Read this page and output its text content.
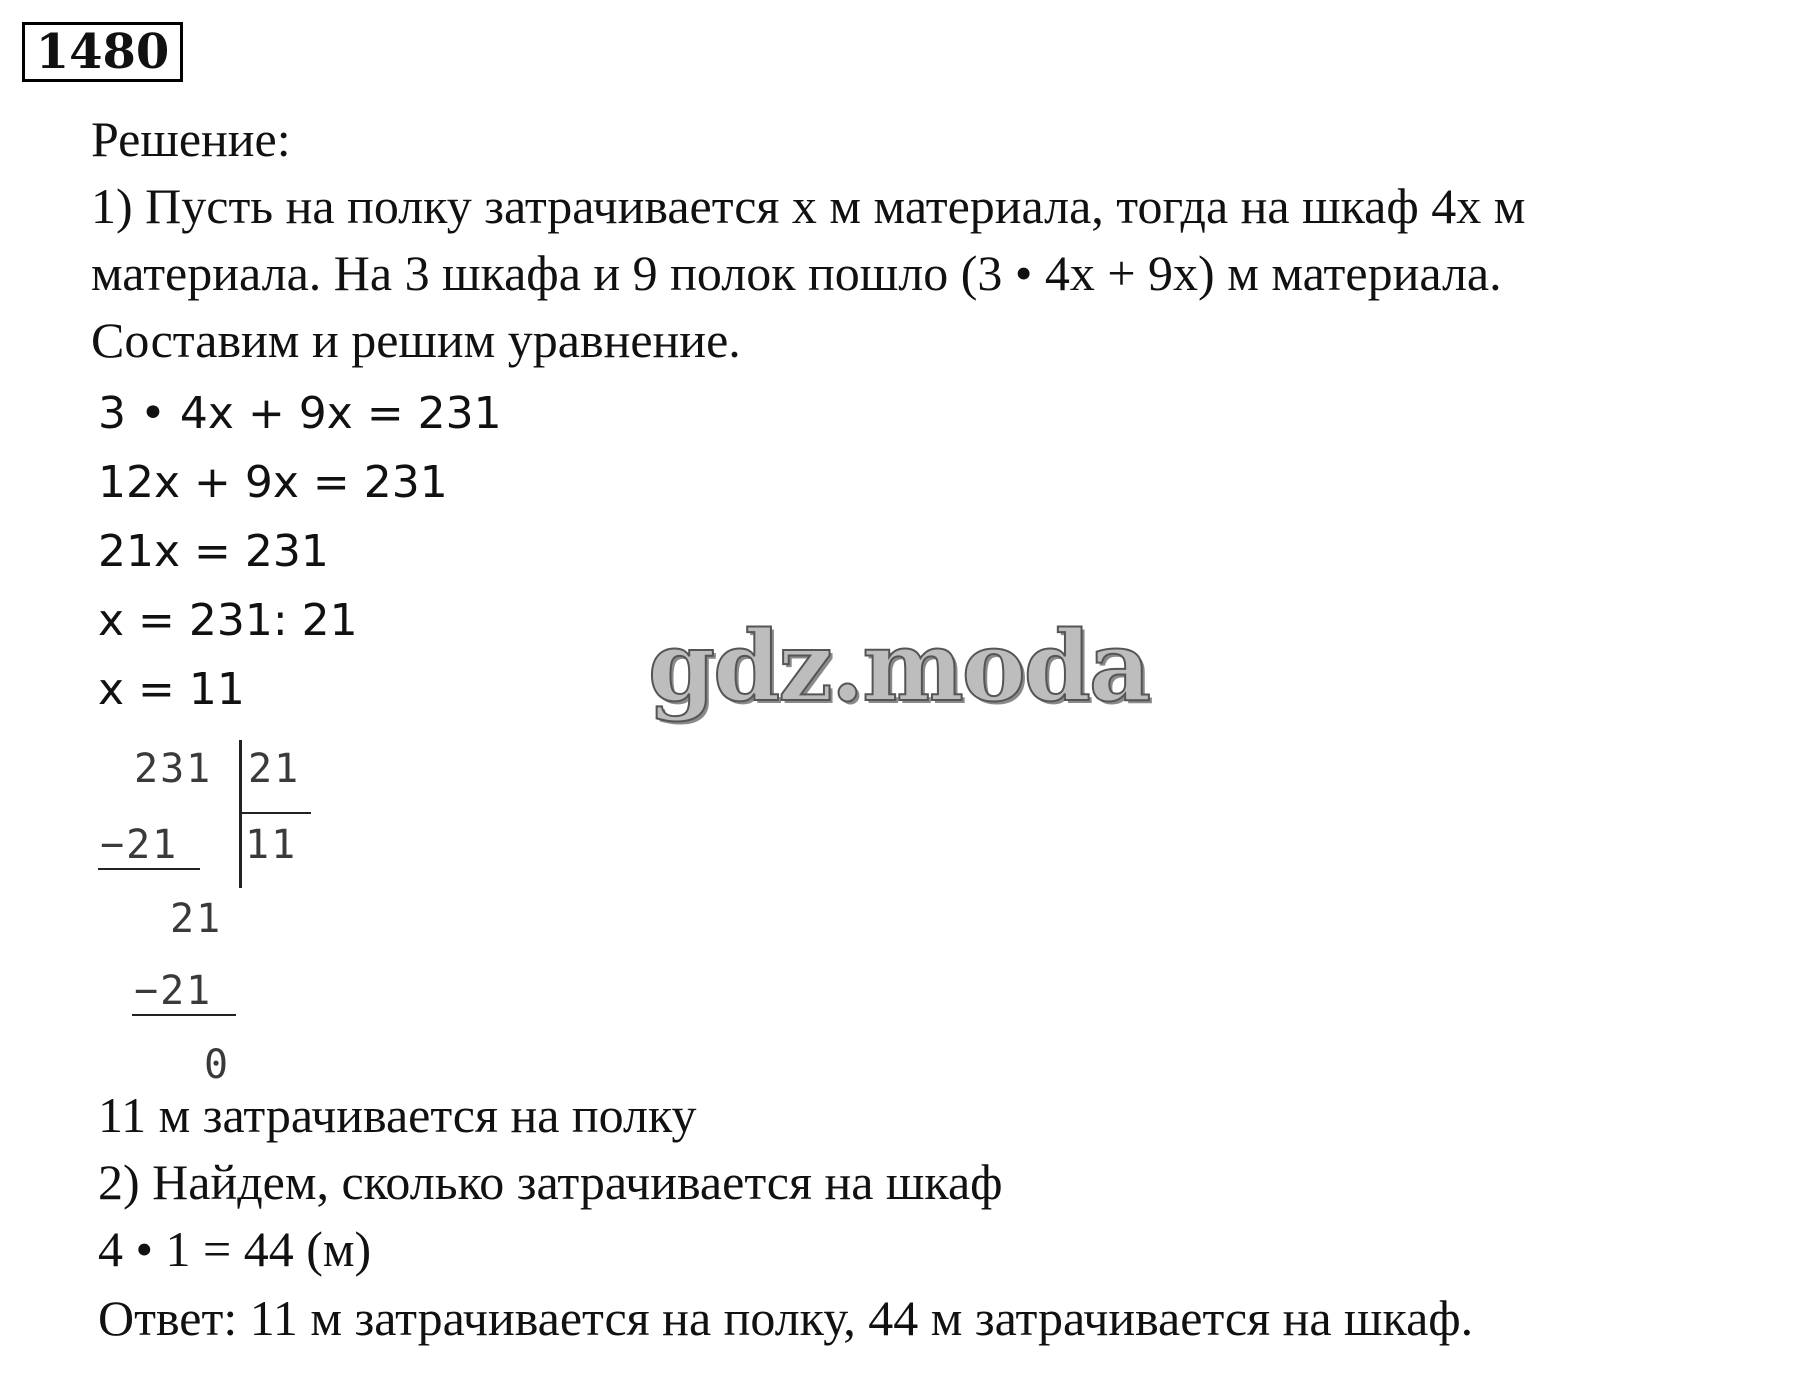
1480
Решение:
1) Пусть на полку затрачивается х м материала, тогда на шкаф 4х м
материала. На 3 шкафа и 9 полок пошло (3 • 4х + 9х) м материала.
Составим и решим уравнение.
3 • 4x + 9x = 231
12x + 9x = 231
21x = 231
x = 231: 21
x = 11
231 21
11
−21
21
−21
0
11 м затрачивается на полку
2) Найдем, сколько затрачивается на шкаф
4 • 1 = 44 (м)
Ответ: 11 м затрачивается на полку, 44 м затрачивается на шкаф.
gdz.moda
